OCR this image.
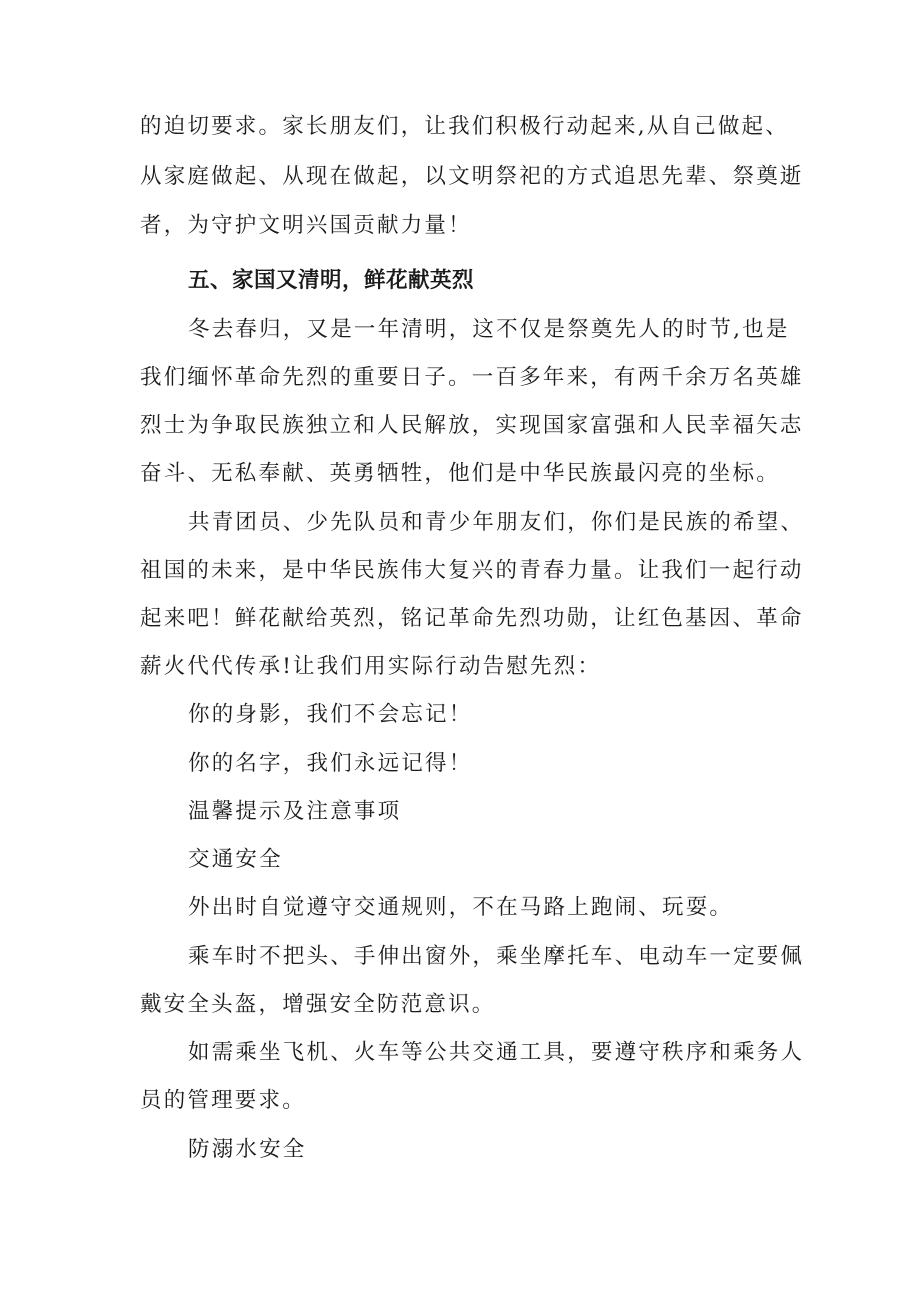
的迫切要求。家长朋友们，让我们积极行动起来,从自己做起、
从家庭做起、从现在做起，以文明祭祀的方式追思先辈、祭奠逝
者，为守护文明兴国贡献力量！
五、家国又清明，鲜花献英烈
冬去春归，又是一年清明，这不仅是祭奠先人的时节,也是
我们缅怀革命先烈的重要日子。一百多年来，有两千余万名英雄
烈士为争取民族独立和人民解放，实现国家富强和人民幸福矢志
奋斗、无私奉献、英勇牺牲，他们是中华民族最闪亮的坐标。
共青团员、少先队员和青少年朋友们，你们是民族的希望、
祖国的未来，是中华民族伟大复兴的青春力量。让我们一起行动
起来吧！鲜花献给英烈，铭记革命先烈功勋，让红色基因、革命
薪火代代传承!让我们用实际行动告慰先烈：
你的身影，我们不会忘记！
你的名字，我们永远记得！
温馨提示及注意事项
交通安全
外出时自觉遵守交通规则，不在马路上跑闹、玩耍。
乘车时不把头、手伸出窗外，乘坐摩托车、电动车一定要佩
戴安全头盔，增强安全防范意识。
如需乘坐飞机、火车等公共交通工具，要遵守秩序和乘务人
员的管理要求。
防溺水安全
